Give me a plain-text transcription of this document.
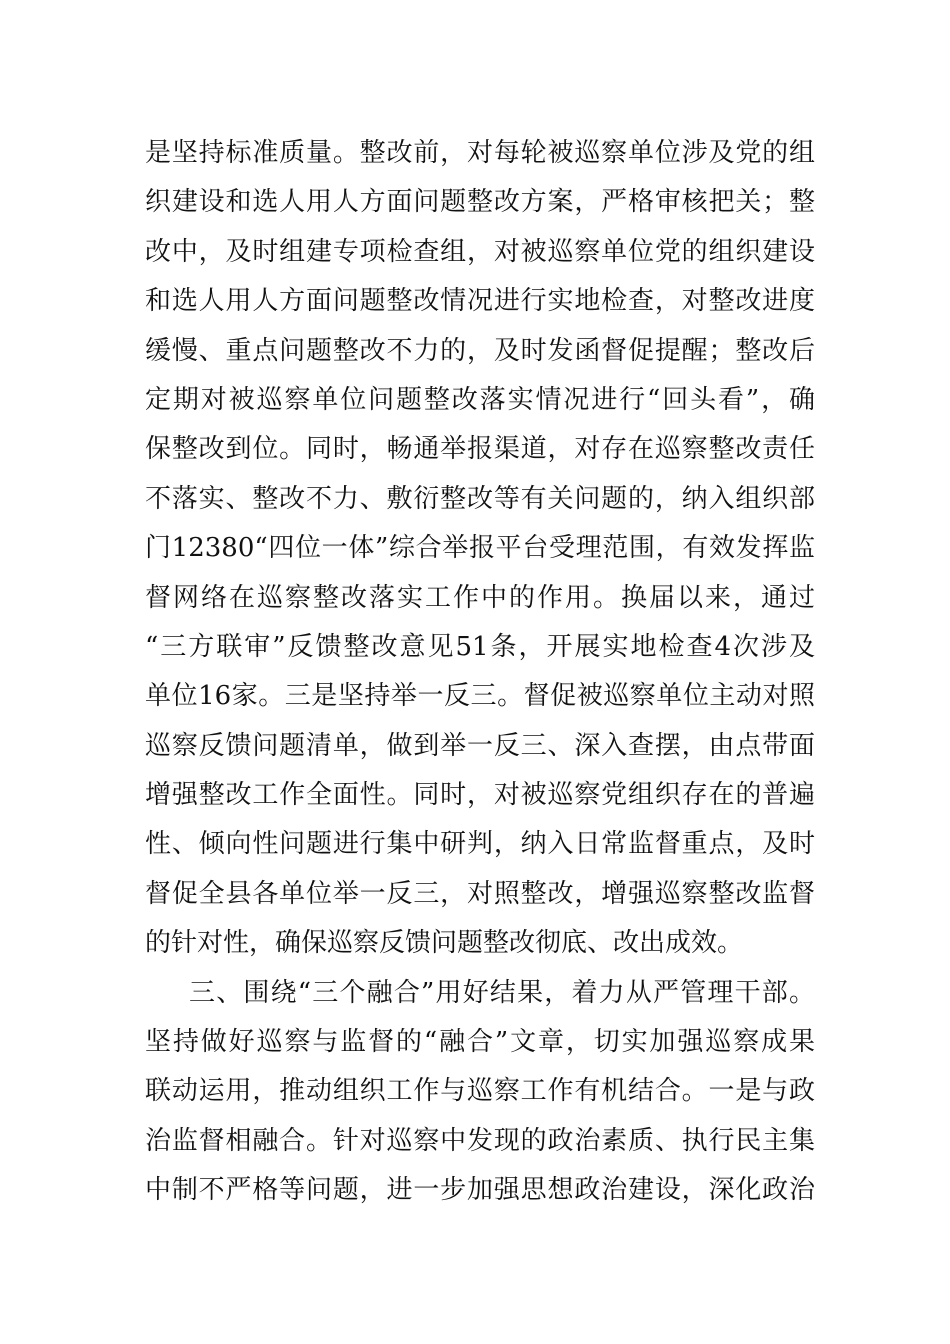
是坚持标准质量。整改前，对每轮被巡察单位涉及党的组
织建设和选人用人方面问题整改方案，严格审核把关；整
改中，及时组建专项检查组，对被巡察单位党的组织建设
和选人用人方面问题整改情况进行实地检查，对整改进度
缓慢、重点问题整改不力的，及时发函督促提醒；整改后
定期对被巡察单位问题整改落实情况进行“回头看”，确
保整改到位。同时，畅通举报渠道，对存在巡察整改责任
不落实、整改不力、敷衍整改等有关问题的，纳入组织部
门12380“四位一体”综合举报平台受理范围，有效发挥监
督网络在巡察整改落实工作中的作用。换届以来，通过
“三方联审”反馈整改意见51条，开展实地检查4次涉及
单位16家。三是坚持举一反三。督促被巡察单位主动对照
巡察反馈问题清单，做到举一反三、深入查摆，由点带面
增强整改工作全面性。同时，对被巡察党组织存在的普遍
性、倾向性问题进行集中研判，纳入日常监督重点，及时
督促全县各单位举一反三，对照整改，增强巡察整改监督
的针对性，确保巡察反馈问题整改彻底、改出成效。
三、围绕“三个融合”用好结果，着力从严管理干部。
坚持做好巡察与监督的“融合”文章，切实加强巡察成果
联动运用，推动组织工作与巡察工作有机结合。一是与政
治监督相融合。针对巡察中发现的政治素质、执行民主集
中制不严格等问题，进一步加强思想政治建设，深化政治
